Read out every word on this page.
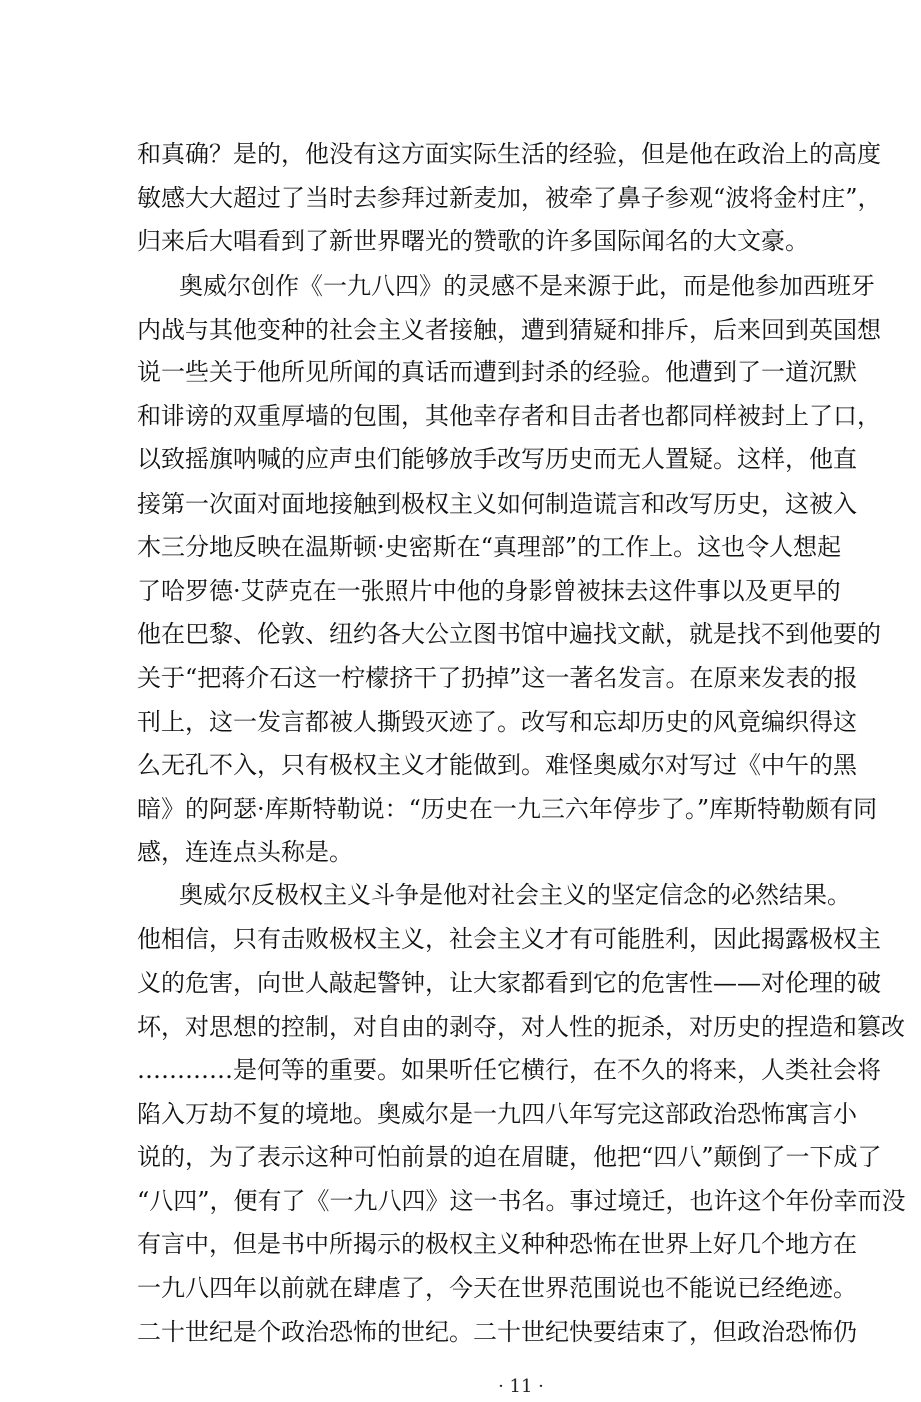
和真确？是的，他没有这方面实际生活的经验，但是他在政治上的高度
敏感大大超过了当时去参拜过新麦加，被牵了鼻子参观“波将金村庄”，
归来后大唱看到了新世界曙光的赞歌的许多国际闻名的大文豪。
奥威尔创作《一九八四》的灵感不是来源于此，而是他参加西班牙
内战与其他变种的社会主义者接触，遭到猜疑和排斥，后来回到英国想
说一些关于他所见所闻的真话而遭到封杀的经验。他遭到了一道沉默
和诽谤的双重厚墙的包围，其他幸存者和目击者也都同样被封上了口，
以致摇旗呐喊的应声虫们能够放手改写历史而无人置疑。这样，他直
接第一次面对面地接触到极权主义如何制造谎言和改写历史，这被入
木三分地反映在温斯顿·史密斯在“真理部”的工作上。这也令人想起
了哈罗德·艾萨克在一张照片中他的身影曾被抹去这件事以及更早的
他在巴黎、伦敦、纽约各大公立图书馆中遍找文献，就是找不到他要的
关于“把蒋介石这一柠檬挤干了扔掉”这一著名发言。在原来发表的报
刊上，这一发言都被人撕毁灭迹了。改写和忘却历史的风竟编织得这
么无孔不入，只有极权主义才能做到。难怪奥威尔对写过《中午的黑
暗》的阿瑟·库斯特勒说：“历史在一九三六年停步了。”库斯特勒颇有同
感，连连点头称是。
奥威尔反极权主义斗争是他对社会主义的坚定信念的必然结果。
他相信，只有击败极权主义，社会主义才有可能胜利，因此揭露极权主
义的危害，向世人敲起警钟，让大家都看到它的危害性——对伦理的破
坏，对思想的控制，对自由的剥夺，对人性的扼杀，对历史的捏造和篡改
…………是何等的重要。如果听任它横行，在不久的将来，人类社会将
陷入万劫不复的境地。奥威尔是一九四八年写完这部政治恐怖寓言小
说的，为了表示这种可怕前景的迫在眉睫，他把“四八”颠倒了一下成了
“八四”，便有了《一九八四》这一书名。事过境迁，也许这个年份幸而没
有言中，但是书中所揭示的极权主义种种恐怖在世界上好几个地方在
一九八四年以前就在肆虐了，今天在世界范围说也不能说已经绝迹。
二十世纪是个政治恐怖的世纪。二十世纪快要结束了，但政治恐怖仍
· 11 ·
